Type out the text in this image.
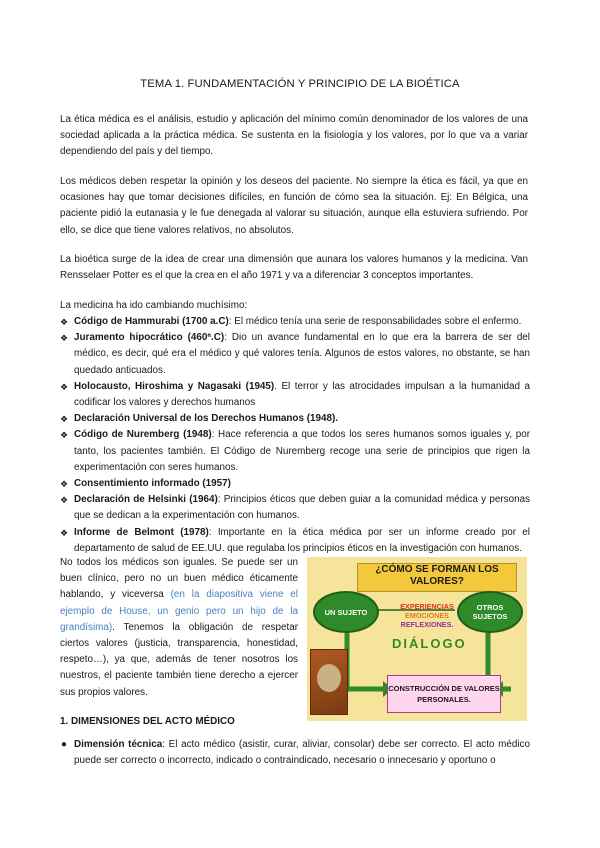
TEMA 1. FUNDAMENTACIÓN Y PRINCIPIO DE LA BIOÉTICA
La ética médica es el análisis, estudio y aplicación del mínimo común denominador de los valores de una sociedad aplicada a la práctica médica. Se sustenta en la fisiología y los valores, por lo que va a variar dependiendo del país y del tiempo.
Los médicos deben respetar la opinión y los deseos del paciente. No siempre la ética es fácil, ya que en ocasiones hay que tomar decisiones difíciles, en función de cómo sea la situación. Ej: En Bélgica, una paciente pidió la eutanasia y le fue denegada al valorar su situación, aunque ella estuviera sufriendo. Por ello, se dice que tiene valores relativos, no absolutos.
La bioética surge de la idea de crear una dimensión que aunara los valores humanos y la medicina. Van Rensselaer Potter es el que la crea en el año 1971 y va a diferenciar 3 conceptos importantes.
La medicina ha ido cambiando muchísimo:
❖ Código de Hammurabi (1700 a.C): El médico tenía una serie de responsabilidades sobre el enfermo.
❖ Juramento hipocrático (460ª.C): Dio un avance fundamental en lo que era la barrera de ser del médico, es decir, qué era el médico y qué valores tenía. Algunos de estos valores, no obstante, se han quedado anticuados.
❖ Holocausto, Hiroshima y Nagasaki (1945). El terror y las atrocidades impulsan a la humanidad a codificar los valores y derechos humanos
❖ Declaración Universal de los Derechos Humanos (1948).
❖ Código de Nuremberg (1948): Hace referencia a que todos los seres humanos somos iguales y, por tanto, los pacientes también. El Código de Nuremberg recoge una serie de principios que rigen la experimentación con seres humanos.
❖ Consentimiento informado (1957)
❖ Declaración de Helsinki (1964): Principios éticos que deben guiar a la comunidad médica y personas que se dedican a la experimentación con humanos.
❖ Informe de Belmont (1978): Importante en la ética médica por ser un informe creado por el departamento de salud de EE.UU. que regulaba los principios éticos en la investigación con humanos.
No todos los médicos son iguales. Se puede ser un buen clínico, pero no un buen médico éticamente hablando, y viceversa (en la diapositiva viene el ejemplo de House, un genio pero un hijo de la grandísima). Tenemos la obligación de respetar ciertos valores (justicia, transparencia, honestidad, respeto…), ya que, además de tener nosotros los nuestros, el paciente también tiene derecho a ejercer sus propios valores.
¿CÓMO SE FORMAN LOS VALORES?
UN SUJETO	OTROS SUJETOS
EXPERIENCIAS
EMOCIONES
REFLEXIONES.
DIÁLOGO
CONSTRUCCIÓN DE VALORES PERSONALES.
1. DIMENSIONES DEL ACTO MÉDICO
● Dimensión técnica: El acto médico (asistir, curar, aliviar, consolar) debe ser correcto. El acto médico puede ser correcto o incorrecto, indicado o contraindicado, necesario o innecesario y oportuno o
